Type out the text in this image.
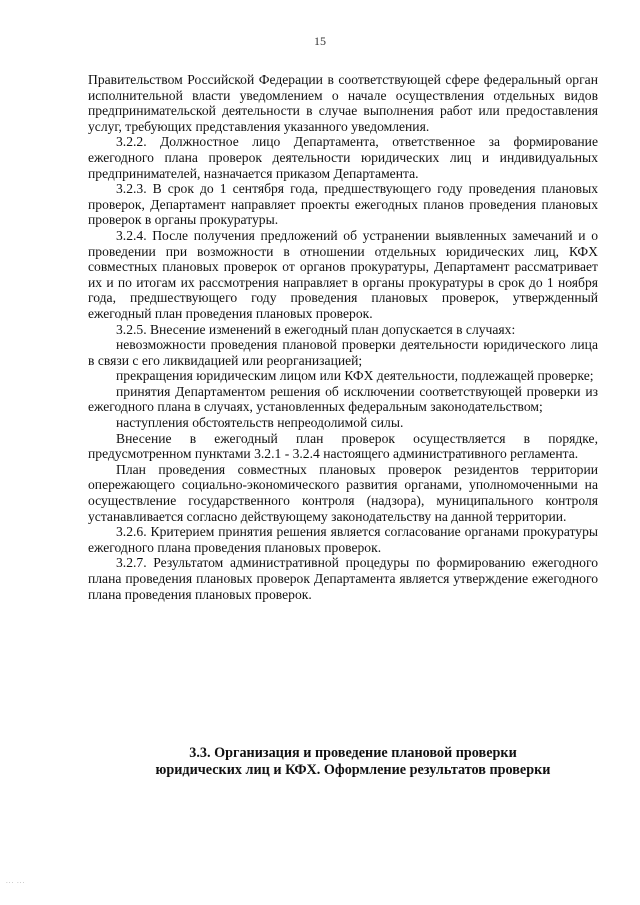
15

Правительством Российской Федерации в соответствующей сфере федеральный орган исполнительной власти уведомлением о начале осуществления отдельных видов предпринимательской деятельности в случае выполнения работ или предоставления услуг, требующих представления указанного уведомления.

3.2.2. Должностное лицо Департамента, ответственное за формирование ежегодного плана проверок деятельности юридических лиц и индивидуальных предпринимателей, назначается приказом Департамента.

3.2.3. В срок до 1 сентября года, предшествующего году проведения плановых проверок, Департамент направляет проекты ежегодных планов проведения плановых проверок в органы прокуратуры.

3.2.4. После получения предложений об устранении выявленных замечаний и о проведении при возможности в отношении отдельных юридических лиц, КФХ совместных плановых проверок от органов прокуратуры, Департамент рассматривает их и по итогам их рассмотрения направляет в органы прокуратуры в срок до 1 ноября года, предшествующего году проведения плановых проверок, утвержденный ежегодный план проведения плановых проверок.

3.2.5. Внесение изменений в ежегодный план допускается в случаях:

невозможности проведения плановой проверки деятельности юридического лица в связи с его ликвидацией или реорганизацией;

прекращения юридическим лицом или КФХ деятельности, подлежащей проверке;

принятия Департаментом решения об исключении соответствующей проверки из ежегодного плана в случаях, установленных федеральным законодательством;

наступления обстоятельств непреодолимой силы.

Внесение в ежегодный план проверок осуществляется в порядке, предусмотренном пунктами 3.2.1 - 3.2.4 настоящего административного регламента.

План проведения совместных плановых проверок резидентов территории опережающего социально-экономического развития органами, уполномоченными на осуществление государственного контроля (надзора), муниципального контроля устанавливается согласно действующему законодательству на данной территории.

3.2.6. Критерием принятия решения является согласование органами прокуратуры ежегодного плана проведения плановых проверок.

3.2.7. Результатом административной процедуры по формированию ежегодного плана проведения плановых проверок Департамента является утверждение ежегодного плана проведения плановых проверок.

3.3. Организация и проведение плановой проверки
юридических лиц и КФХ. Оформление результатов проверки
... ...
